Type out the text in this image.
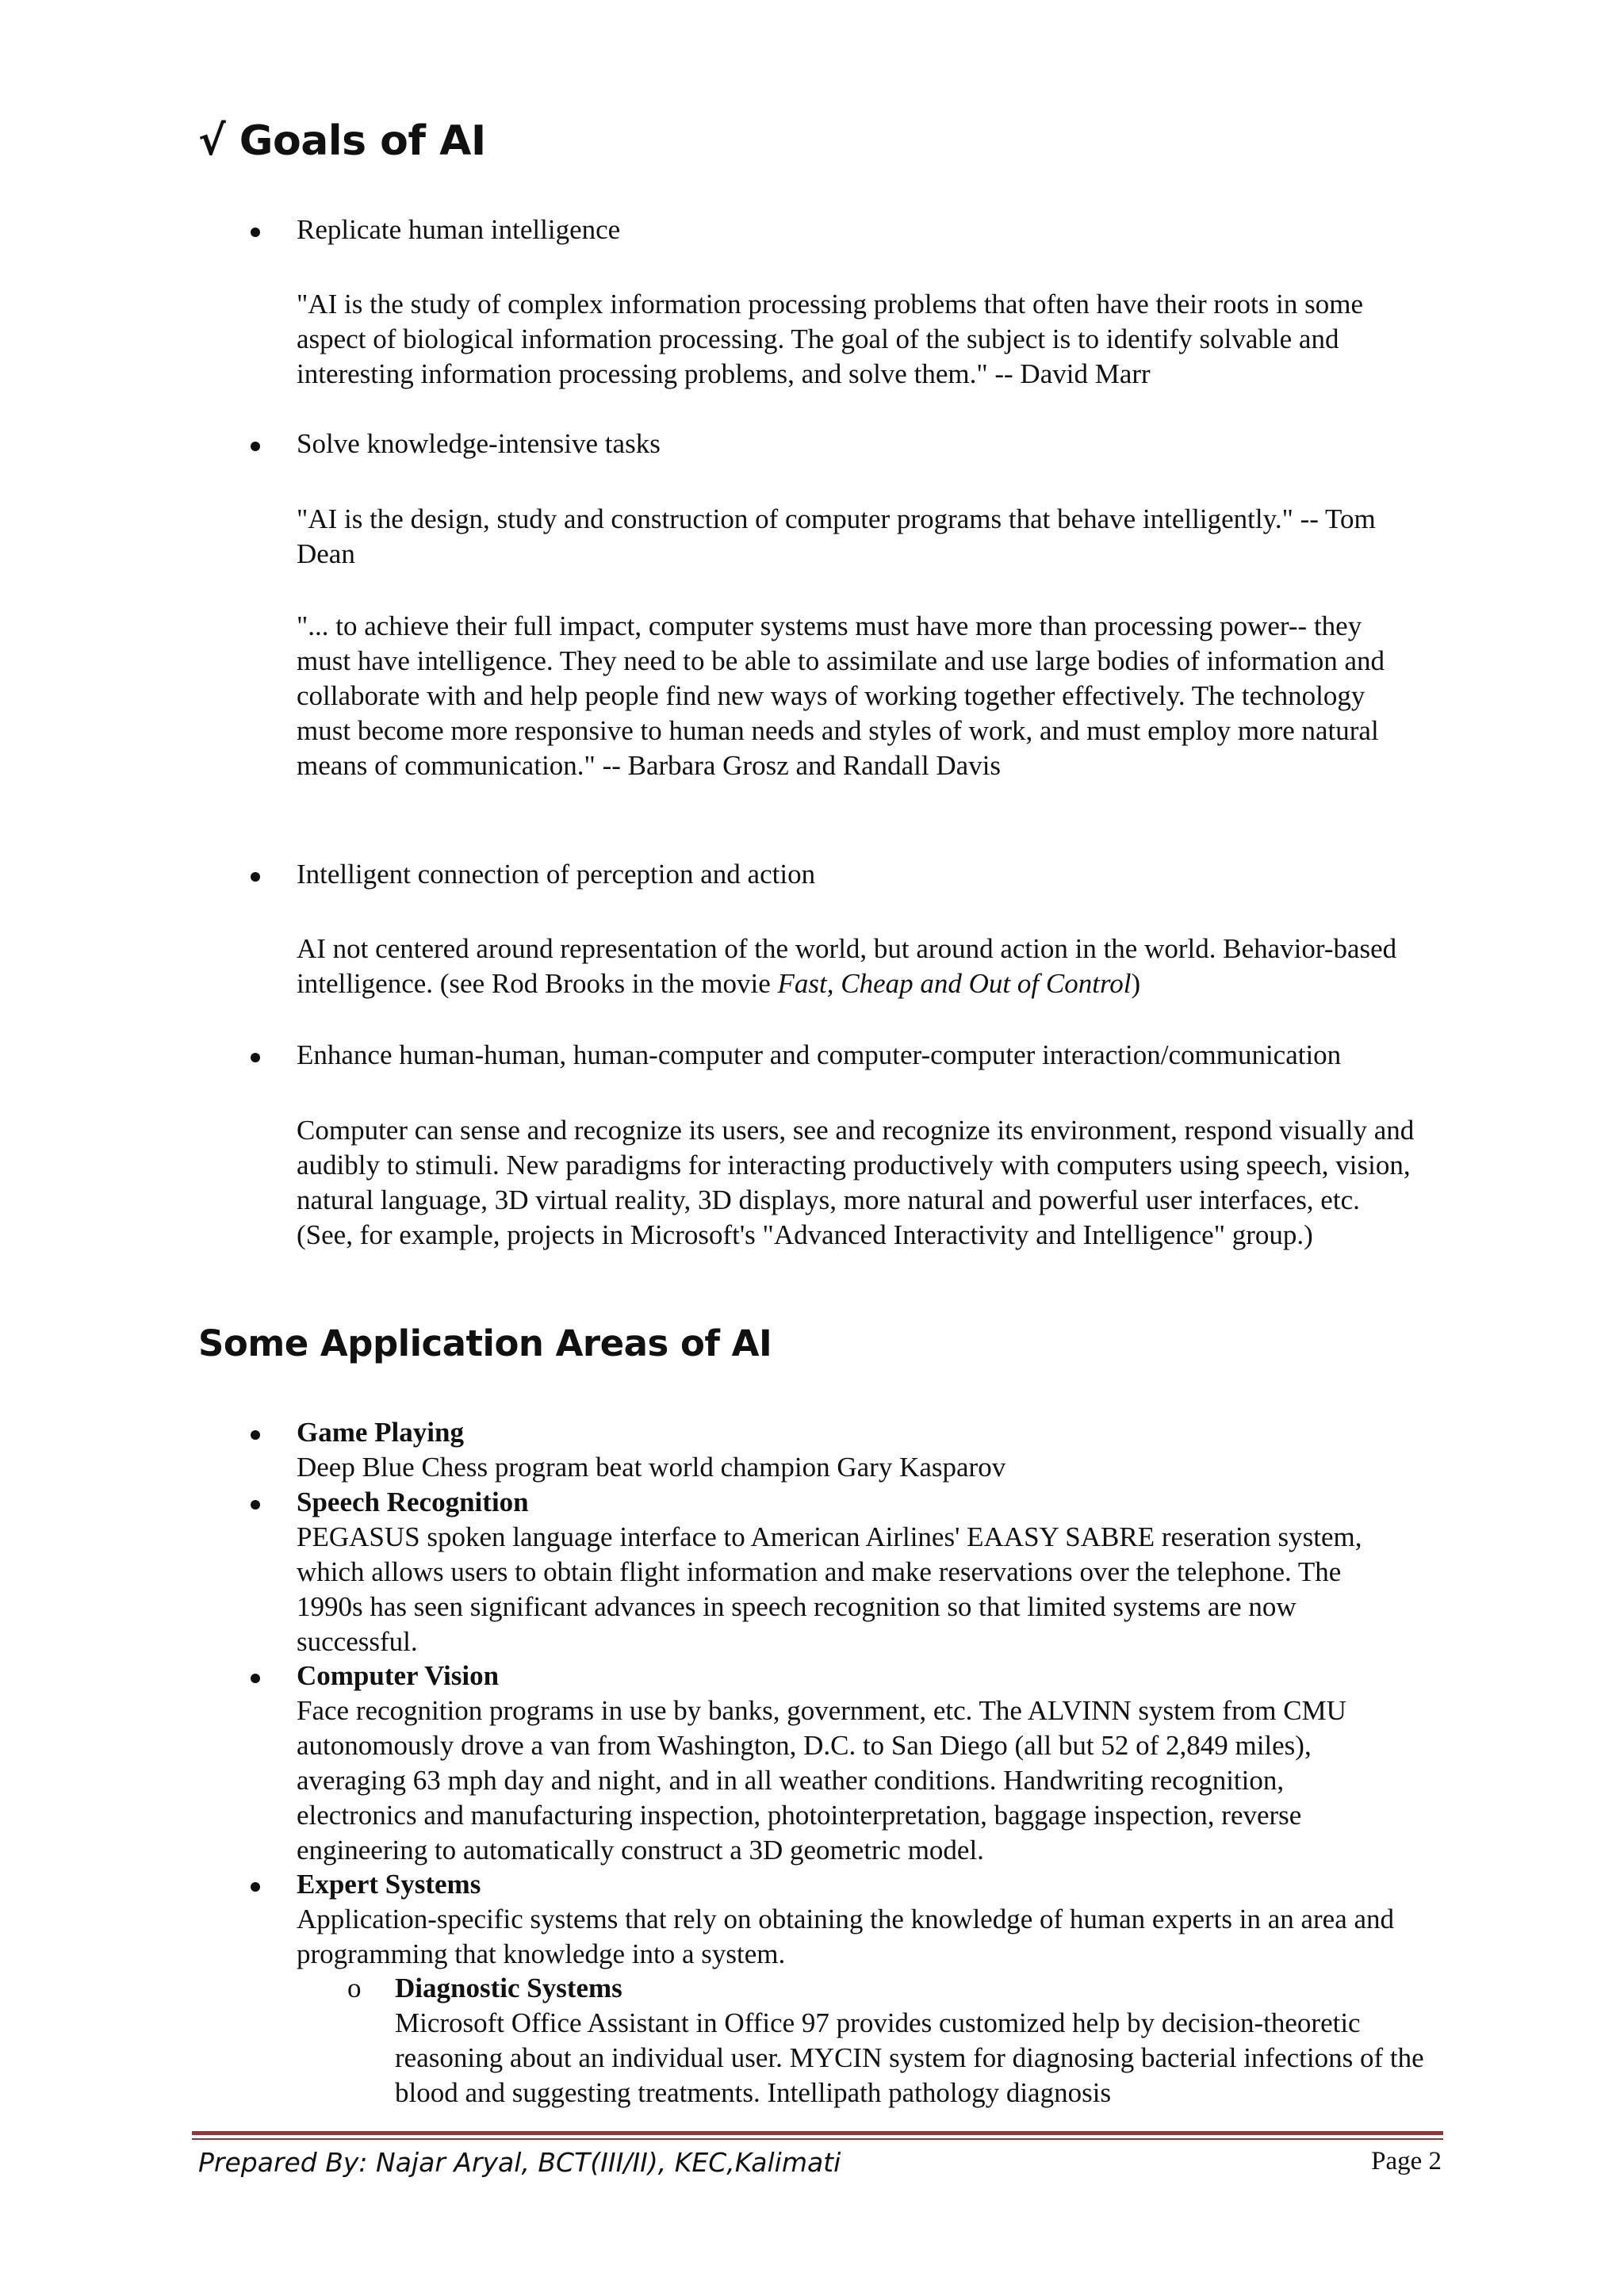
√ Goals of AI
Replicate human intelligence
"AI is the study of complex information processing problems that often have their roots in some aspect of biological information processing. The goal of the subject is to identify solvable and interesting information processing problems, and solve them." -- David Marr
Solve knowledge-intensive tasks
"AI is the design, study and construction of computer programs that behave intelligently." -- Tom Dean
"... to achieve their full impact, computer systems must have more than processing power-- they must have intelligence. They need to be able to assimilate and use large bodies of information and collaborate with and help people find new ways of working together effectively. The technology must become more responsive to human needs and styles of work, and must employ more natural means of communication." -- Barbara Grosz and Randall Davis
Intelligent connection of perception and action
AI not centered around representation of the world, but around action in the world. Behavior-based intelligence. (see Rod Brooks in the movie Fast, Cheap and Out of Control)
Enhance human-human, human-computer and computer-computer interaction/communication
Computer can sense and recognize its users, see and recognize its environment, respond visually and audibly to stimuli. New paradigms for interacting productively with computers using speech, vision, natural language, 3D virtual reality, 3D displays, more natural and powerful user interfaces, etc. (See, for example, projects in Microsoft's "Advanced Interactivity and Intelligence" group.)
Some Application Areas of AI
Game Playing
Deep Blue Chess program beat world champion Gary Kasparov
Speech Recognition
PEGASUS spoken language interface to American Airlines' EAASY SABRE reseration system, which allows users to obtain flight information and make reservations over the telephone. The 1990s has seen significant advances in speech recognition so that limited systems are now successful.
Computer Vision
Face recognition programs in use by banks, government, etc. The ALVINN system from CMU autonomously drove a van from Washington, D.C. to San Diego (all but 52 of 2,849 miles), averaging 63 mph day and night, and in all weather conditions. Handwriting recognition, electronics and manufacturing inspection, photointerpretation, baggage inspection, reverse engineering to automatically construct a 3D geometric model.
Expert Systems
Application-specific systems that rely on obtaining the knowledge of human experts in an area and programming that knowledge into a system.
o Diagnostic Systems
Microsoft Office Assistant in Office 97 provides customized help by decision-theoretic reasoning about an individual user. MYCIN system for diagnosing bacterial infections of the blood and suggesting treatments. Intellipath pathology diagnosis
Prepared By: Najar Aryal, BCT(III/II), KEC,Kalimati	Page 2
